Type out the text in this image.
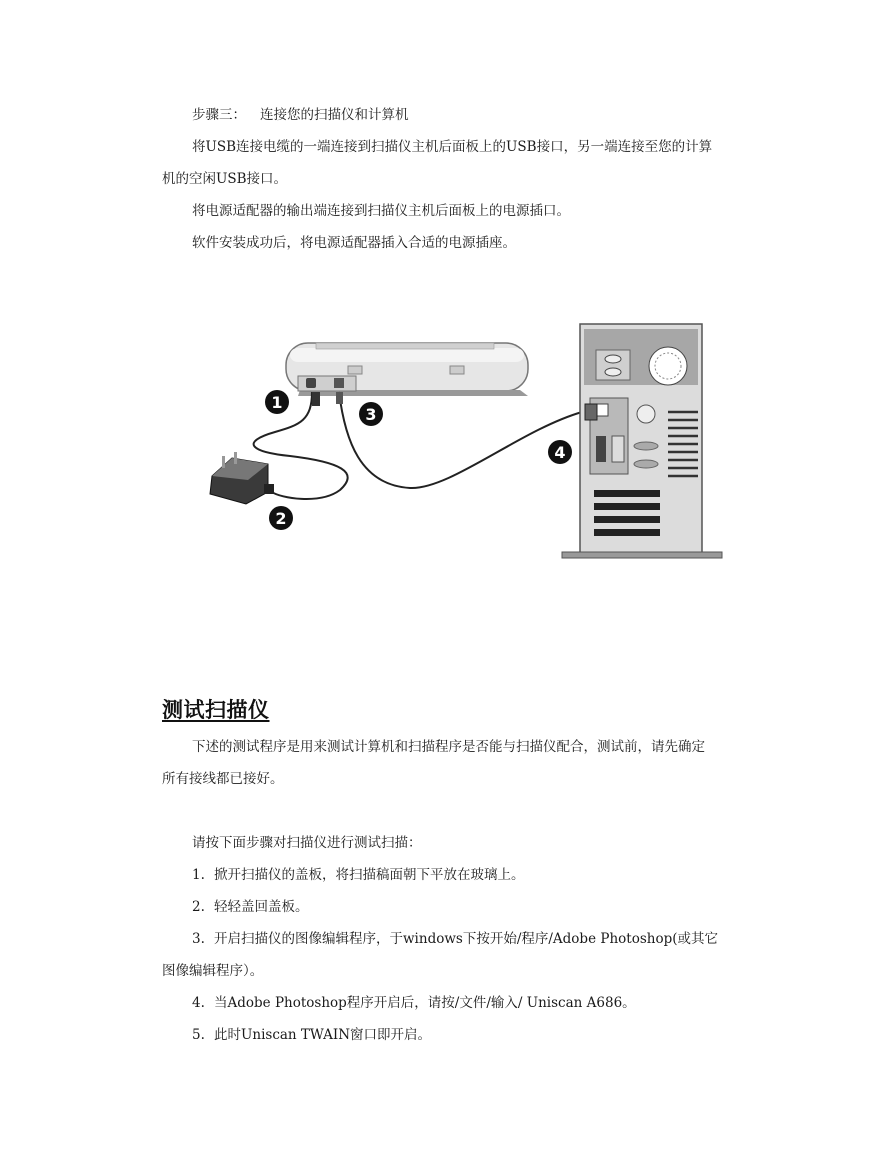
步骤三： 连接您的扫描仪和计算机
将USB连接电缆的一端连接到扫描仪主机后面板上的USB接口，另一端连接至您的计算
机的空闲USB接口。
将电源适配器的输出端连接到扫描仪主机后面板上的电源插口。
软件安装成功后，将电源适配器插入合适的电源插座。
1
2
3
4
测试扫描仪
下述的测试程序是用来测试计算机和扫描程序是否能与扫描仪配合，测试前，请先确定
所有接线都已接好。
请按下面步骤对扫描仪进行测试扫描：
1. 掀开扫描仪的盖板，将扫描稿面朝下平放在玻璃上。
2. 轻轻盖回盖板。
3. 开启扫描仪的图像编辑程序，于windows下按开始/程序/Adobe Photoshop(或其它
图像编辑程序）。
4. 当Adobe Photoshop程序开启后，请按/文件/输入/ Uniscan A686。
5. 此时Uniscan TWAIN窗口即开启。
